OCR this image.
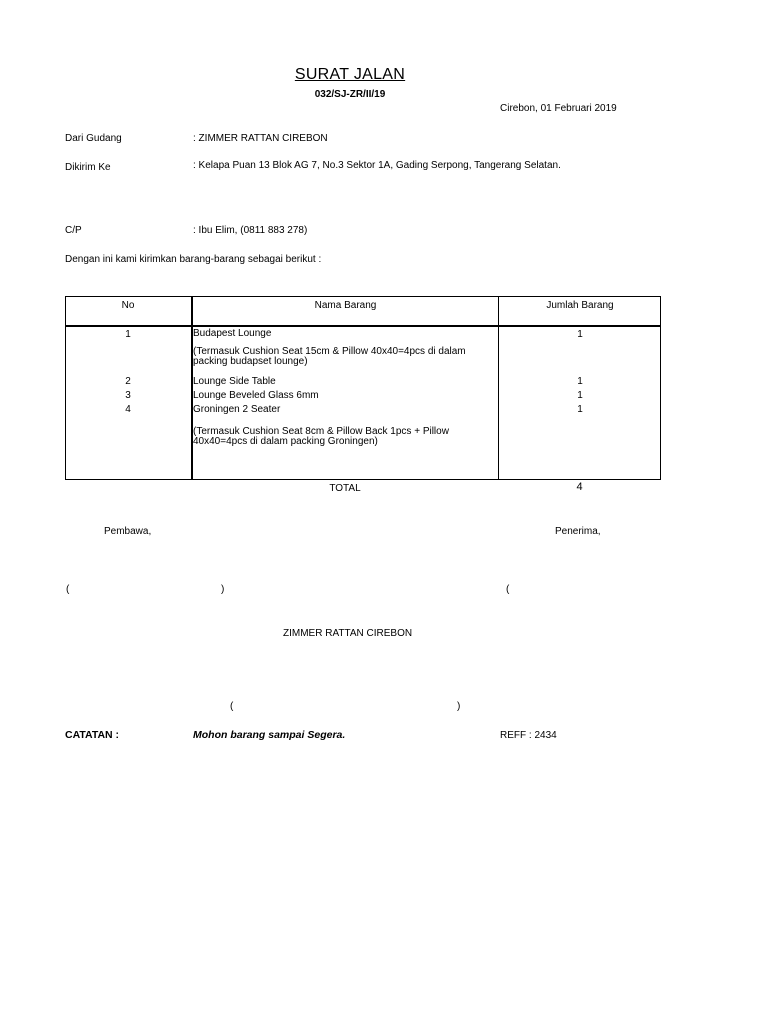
SURAT JALAN
032/SJ-ZR/II/19
Cirebon, 01 Februari 2019
Dari Gudang	: ZIMMER RATTAN CIREBON
Dikirim Ke	: Kelapa Puan 13 Blok AG 7, No.3 Sektor 1A, Gading Serpong, Tangerang Selatan.
C/P	: Ibu Elim, (0811 883 278)
Dengan ini kami kirimkan barang-barang sebagai berikut :
No	Nama Barang	Jumlah Barang
1	Budapest Lounge	1
(Termasuk Cushion Seat 15cm & Pillow 40x40=4pcs di dalam packing budapset lounge)
2	Lounge Side Table	1
3	Lounge Beveled Glass 6mm	1
4	Groningen 2 Seater	1
(Termasuk Cushion Seat 8cm & Pillow Back 1pcs + Pillow 40x40=4pcs di dalam packing Groningen)
TOTAL	4
Pembawa,	Penerima,
(	)	(
ZIMMER RATTAN CIREBON
(	)
CATATAN :	Mohon barang sampai Segera.	REFF : 2434
